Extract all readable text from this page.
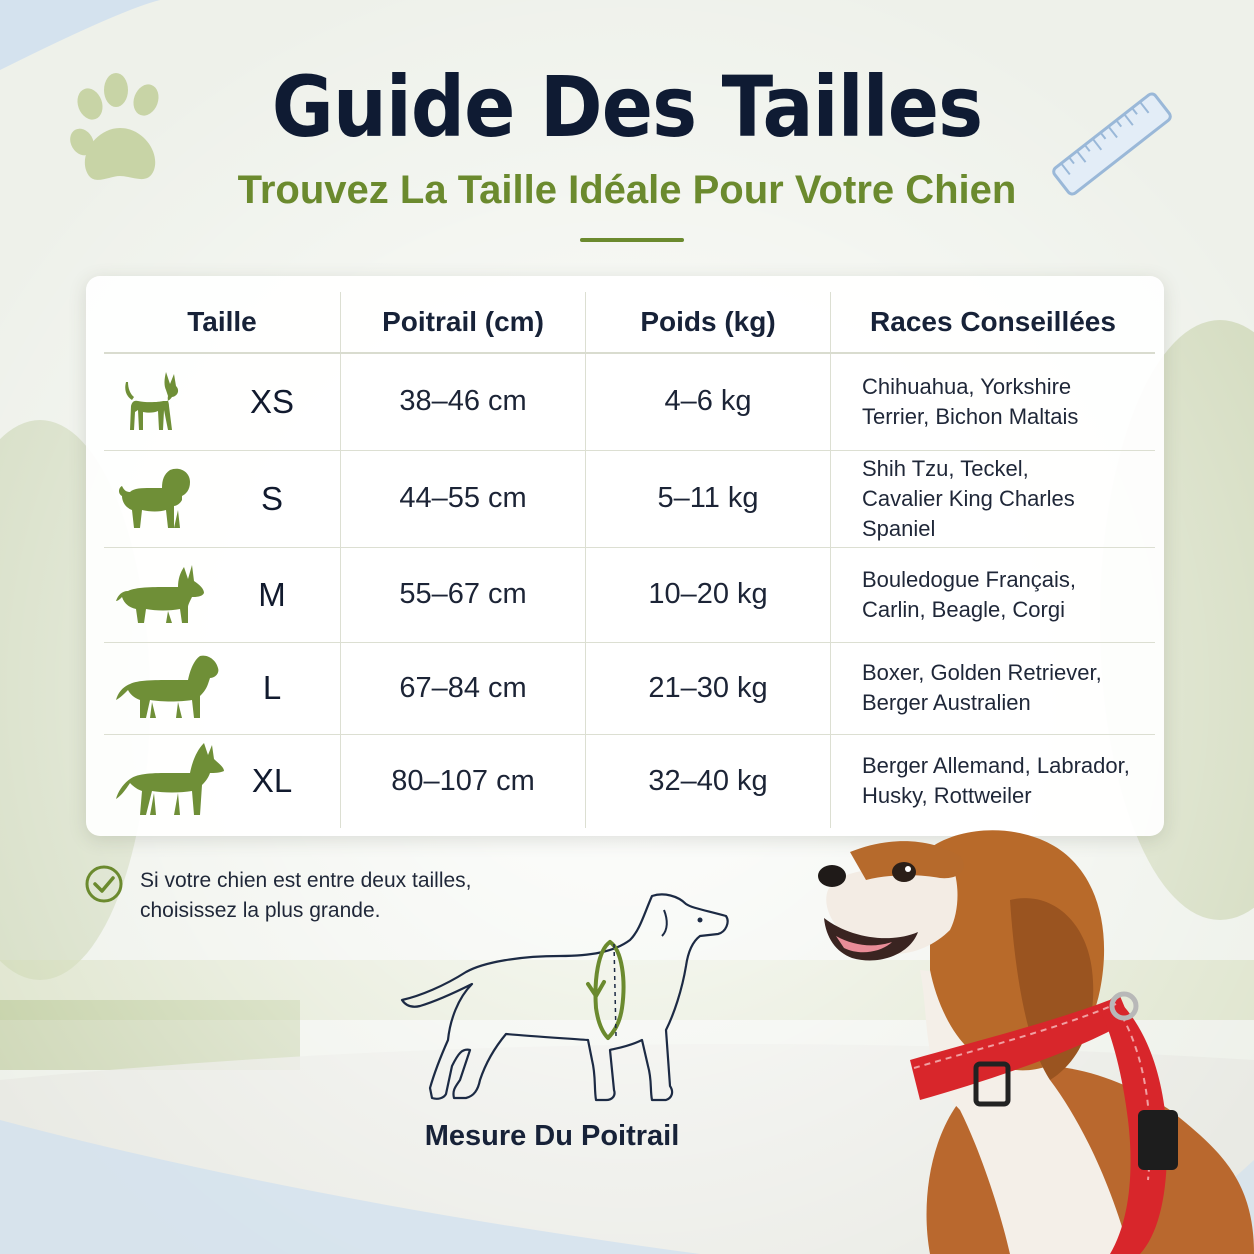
Guide Des Tailles
Trouvez La Taille Idéale Pour Votre Chien
Taille	Poitrail (cm)	Poids (kg)	Races Conseillées

XS	38–46 cm	4–6 kg	Chihuahua, Yorkshire
Terrier, Bichon Maltais

S	44–55 cm	5–11 kg	Shih Tzu, Teckel,
Cavalier King Charles Spaniel

M	55–67 cm	10–20 kg	Bouledogue Français,
Carlin, Beagle, Corgi

L	67–84 cm	21–30 kg	Boxer, Golden Retriever,
Berger Australien

XL	80–107 cm	32–40 kg	Berger Allemand, Labrador,
Husky, Rottweiler
Si votre chien est entre deux tailles,
choisissez la plus grande.
Mesure Du Poitrail
